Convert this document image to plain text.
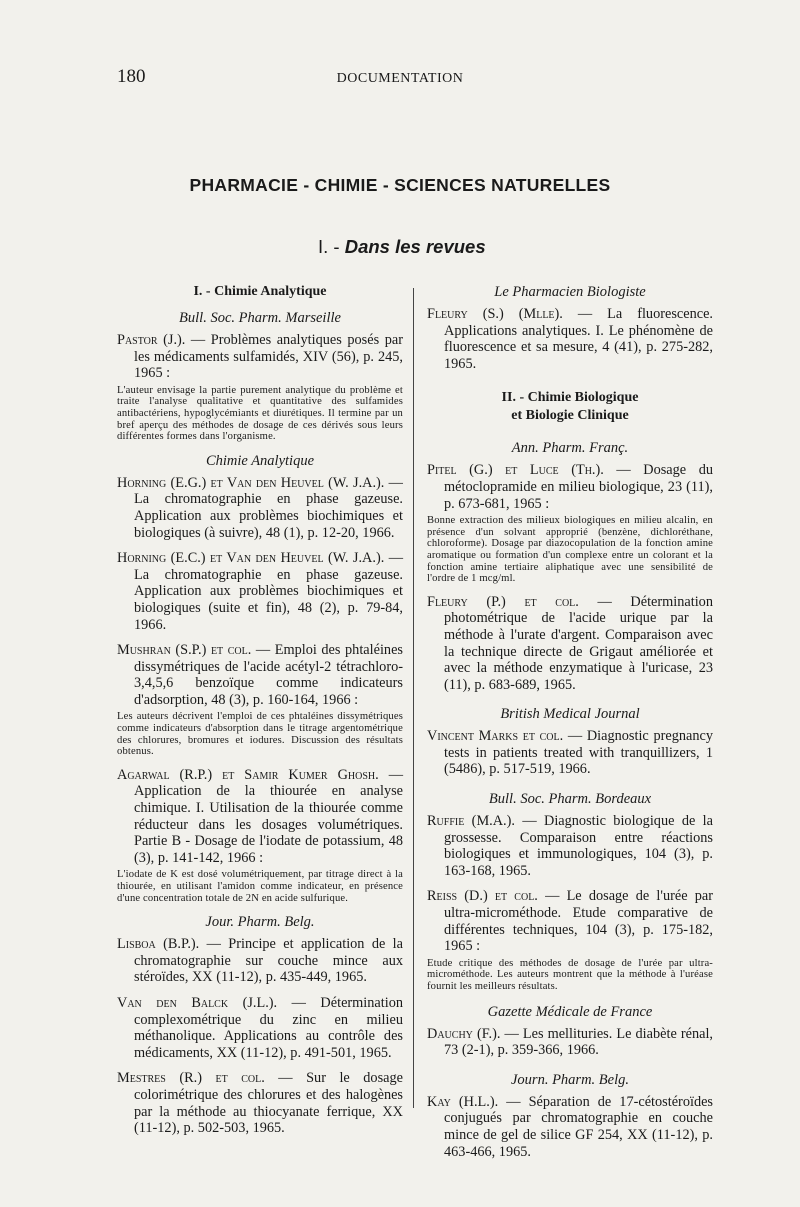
180	DOCUMENTATION
PHARMACIE - CHIMIE - SCIENCES NATURELLES
I. - Dans les revues
I. - Chimie Analytique
Bull. Soc. Pharm. Marseille

Pastor (J.). — Problèmes analytiques posés par les médicaments sulfamidés, XIV (56), p. 245, 1965 :

L'auteur envisage la partie purement analytique du problème et traite l'analyse qualitative et quantitative des sulfamides antibactériens, hypoglycémiants et diurétiques. Il termine par un bref aperçu des méthodes de dosage de ces dérivés sous leurs différentes formes dans l'organisme.

Chimie Analytique

Horning (E.G.) et Van den Heuvel (W. J.A.). — La chromatographie en phase gazeuse. Application aux problèmes biochimiques et biologiques (à suivre), 48 (1), p. 12-20, 1966.

Horning (E.C.) et Van den Heuvel (W. J.A.). — La chromatographie en phase gazeuse. Application aux problèmes biochimiques et biologiques (suite et fin), 48 (2), p. 79-84, 1966.

Mushran (S.P.) et col. — Emploi des phtaléines dissymétriques de l'acide acétyl-2 tétrachloro-3,4,5,6 benzoïque comme indicateurs d'adsorption, 48 (3), p. 160-164, 1966 :

Les auteurs décrivent l'emploi de ces phtaléines dissymétriques comme indicateurs d'absorption dans le titrage argentométrique des chlorures, bromures et iodures. Discussion des résultats obtenus.

Agarwal (R.P.) et Samir Kumer Ghosh. — Application de la thiourée en analyse chimique. I. Utilisation de la thiourée comme réducteur dans les dosages volumétriques. Partie B - Dosage de l'iodate de potassium, 48 (3), p. 141-142, 1966 :

L'iodate de K est dosé volumétriquement, par titrage direct à la thiourée, en utilisant l'amidon comme indicateur, en présence d'une concentration totale de 2N en acide sulfurique.

Jour. Pharm. Belg.

Lisboa (B.P.). — Principe et application de la chromatographie sur couche mince aux stéroïdes, XX (11-12), p. 435-449, 1965.

Van den Balck (J.L.). — Détermination complexométrique du zinc en milieu méthanolique. Applications au contrôle des médicaments, XX (11-12), p. 491-501, 1965.

Mestres (R.) et col. — Sur le dosage colorimétrique des chlorures et des halogènes par la méthode au thiocyanate ferrique, XX (11-12), p. 502-503, 1965.

Le Pharmacien Biologiste

Fleury (S.) (Mlle). — La fluorescence. Applications analytiques. I. Le phénomène de fluorescence et sa mesure, 4 (41), p. 275-282, 1965.

II. - Chimie Biologique
et Biologie Clinique
Ann. Pharm. Franç.

Pitel (G.) et Luce (Th.). — Dosage du métoclopramide en milieu biologique, 23 (11), p. 673-681, 1965 :

Bonne extraction des milieux biologiques en milieu alcalin, en présence d'un solvant approprié (benzène, dichloréthane, chloroforme). Dosage par diazocopulation de la fonction amine aromatique ou formation d'un complexe entre un colorant et la fonction amine tertiaire aliphatique avec une sensibilité de l'ordre de 1 mcg/ml.

Fleury (P.) et col. — Détermination photométrique de l'acide urique par la méthode à l'urate d'argent. Comparaison avec la technique directe de Grigaut améliorée et avec la méthode enzymatique à l'uricase, 23 (11), p. 683-689, 1965.

British Medical Journal

Vincent Marks et col. — Diagnostic pregnancy tests in patients treated with tranquillizers, 1 (5486), p. 517-519, 1966.

Bull. Soc. Pharm. Bordeaux

Ruffie (M.A.). — Diagnostic biologique de la grossesse. Comparaison entre réactions biologiques et immunologiques, 104 (3), p. 163-168, 1965.

Reiss (D.) et col. — Le dosage de l'urée par ultra-microméthode. Etude comparative de différentes techniques, 104 (3), p. 175-182, 1965 :

Etude critique des méthodes de dosage de l'urée par ultra-microméthode. Les auteurs montrent que la méthode à l'uréase fournit les meilleurs résultats.

Gazette Médicale de France

Dauchy (F.). — Les mellituries. Le diabète rénal, 73 (2-1), p. 359-366, 1966.

Journ. Pharm. Belg.

Kay (H.L.). — Séparation de 17-cétostéroïdes conjugués par chromatographie en couche mince de gel de silice GF 254, XX (11-12), p. 463-466, 1965.
